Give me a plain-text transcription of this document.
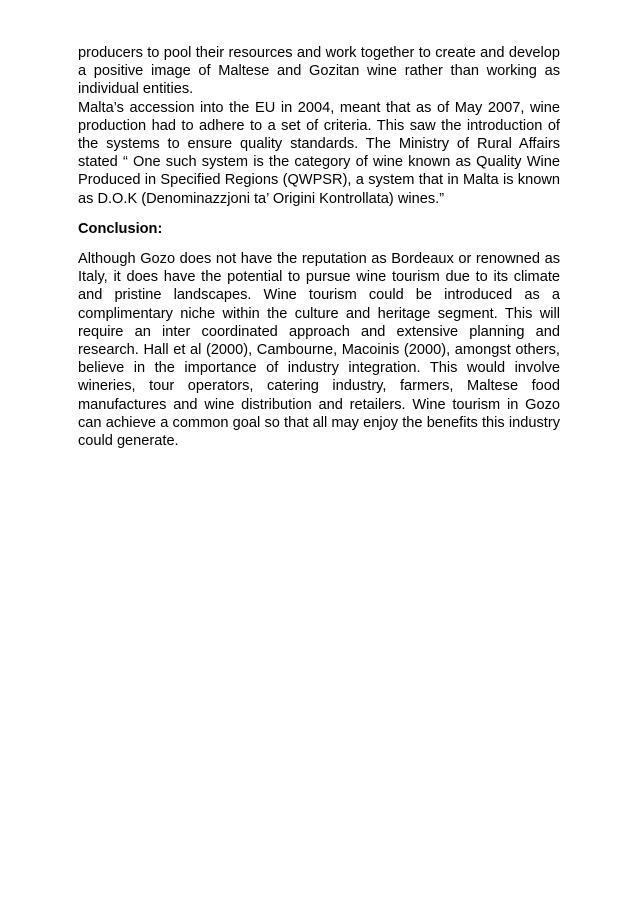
producers to pool their resources and work together to create and develop a positive image of Maltese and Gozitan wine rather than working as individual entities.

Malta’s accession into the EU in 2004, meant that as of May 2007, wine production had to adhere to a set of criteria. This saw the introduction of the systems to ensure quality standards. The Ministry of Rural Affairs stated “ One such system is the category of wine known as Quality Wine Produced in Specified Regions (QWPSR), a system that in Malta is known as D.O.K (Denominazzjoni ta’ Origini Kontrollata) wines.”

Conclusion:

Although Gozo does not have the reputation as Bordeaux or renowned as Italy, it does have the potential to pursue wine tourism due to its climate and pristine landscapes. Wine tourism could be introduced as a complimentary niche within the culture and heritage segment. This will require an inter coordinated approach and extensive planning and research. Hall et al (2000), Cambourne, Macoinis (2000), amongst others, believe in the importance of industry integration. This would involve wineries, tour operators, catering industry, farmers, Maltese food manufactures and wine distribution and retailers. Wine tourism in Gozo can achieve a common goal so that all may enjoy the benefits this industry could generate.
